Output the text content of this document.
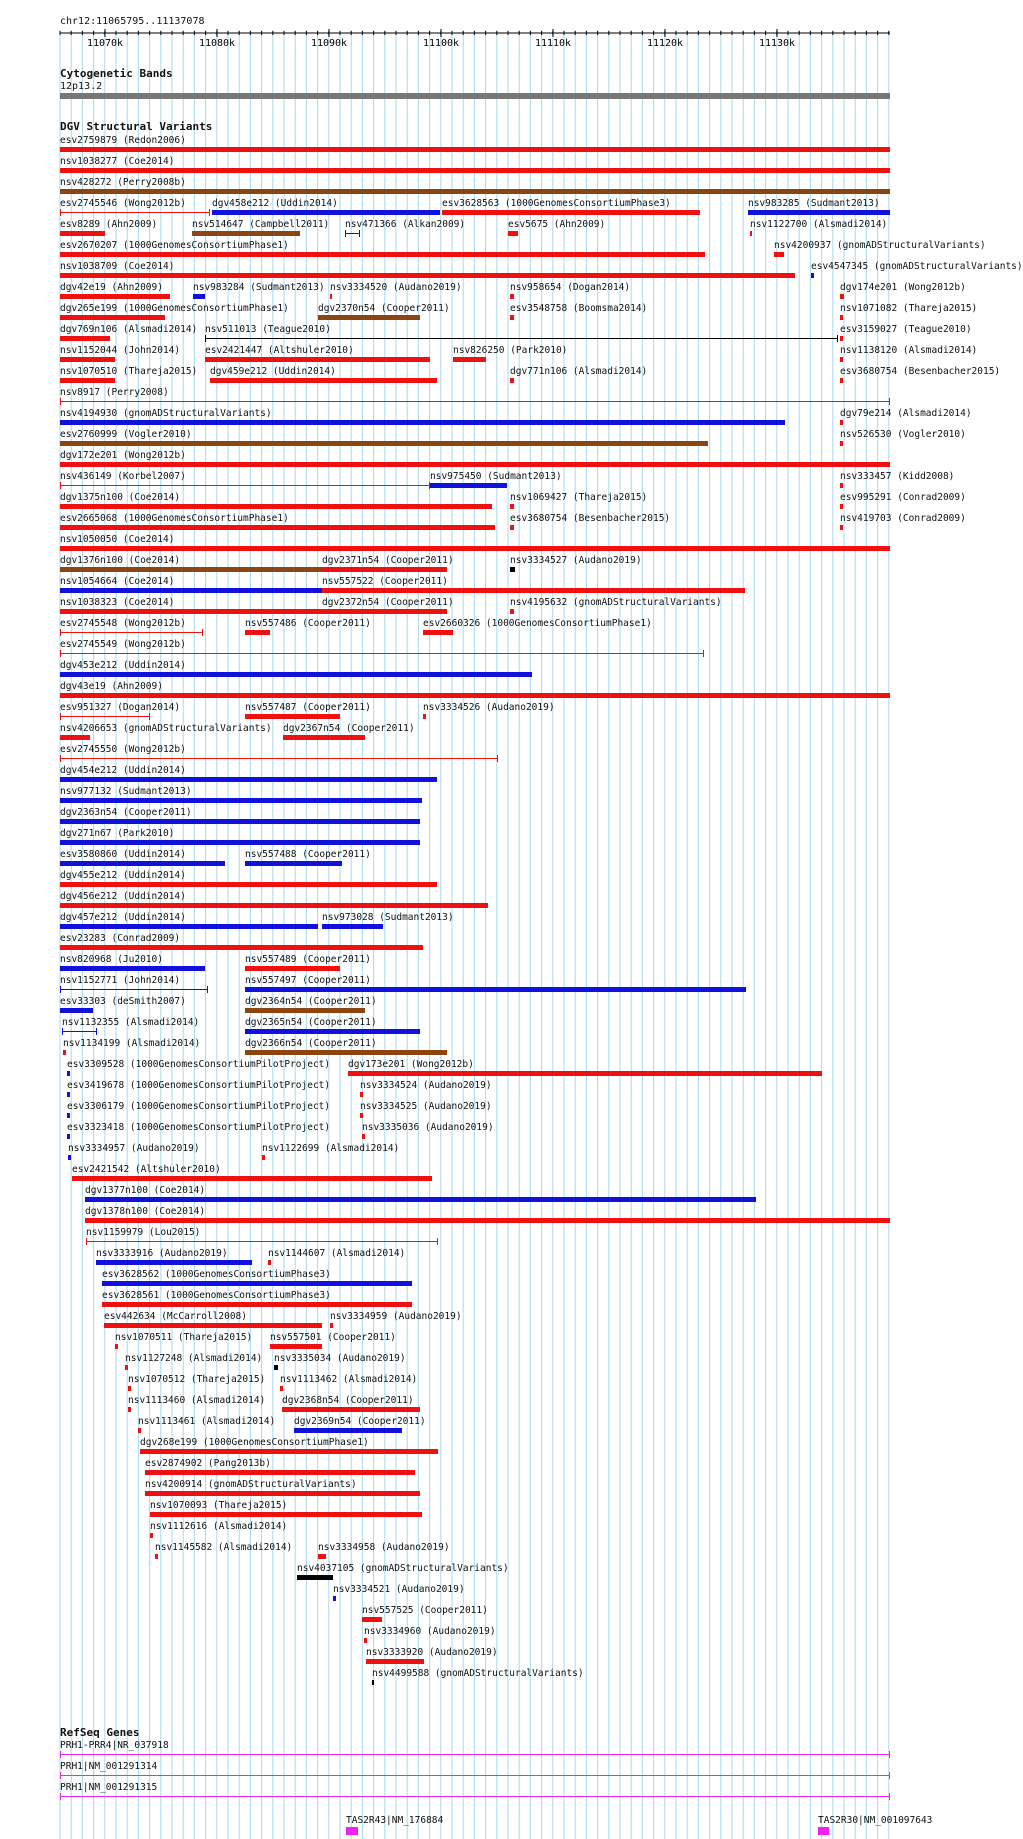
chr12:11065795..11137078
11070k	11080k	11090k	11100k	11110k	11120k	11130k
Cytogenetic Bands
12p13.2
DGV Structural Variants
esv2759879 (Redon2006)
nsv1038277 (Coe2014)
nsv428272 (Perry2008b)
esv2745546 (Wong2012b)	dgv458e212 (Uddin2014)	esv3628563 (1000GenomesConsortiumPhase3)	nsv983285 (Sudmant2013)
esv8289 (Ahn2009)	nsv514647 (Campbell2011) nsv471366 (Alkan2009)	esv5675 (Ahn2009)	nsv1122700 (Alsmadi2014)
esv2670207 (1000GenomesConsortiumPhase1)	nsv4200937 (gnomADStructuralVariants)
nsv1038709 (Coe2014)	esv4547345 (gnomADStructuralVariants)
dgv42e19 (Ahn2009)	nsv983284 (Sudmant2013) nsv3334520 (Audano2019)	nsv958654 (Dogan2014)	dgv174e201 (Wong2012b)
dgv265e199 (1000GenomesConsortiumPhase1)	dgv2370n54 (Cooper2011)	esv3548758 (Boomsma2014)	nsv1071082 (Thareja2015)
dgv769n106 (Alsmadi2014) nsv511013 (Teague2010)	esv3159027 (Teague2010)
nsv1152044 (John2014)	esv2421447 (Altshuler2010)	nsv826250 (Park2010)	nsv1138120 (Alsmadi2014)
nsv1070510 (Thareja2015) dgv459e212 (Uddin2014)	dgv771n106 (Alsmadi2014)	esv3680754 (Besenbacher2015)
nsv8917 (Perry2008)
nsv4194930 (gnomADStructuralVariants)	dgv79e214 (Alsmadi2014)
esv2760999 (Vogler2010)	nsv526530 (Vogler2010)
dgv172e201 (Wong2012b)
nsv436149 (Korbel2007)	nsv975450 (Sudmant2013)	nsv333457 (Kidd2008)
dgv1375n100 (Coe2014)	nsv1069427 (Thareja2015)	esv995291 (Conrad2009)
esv2665068 (1000GenomesConsortiumPhase1)	esv3680754 (Besenbacher2015)	nsv419703 (Conrad2009)
nsv1050050 (Coe2014)
dgv1376n100 (Coe2014)	dgv2371n54 (Cooper2011)	nsv3334527 (Audano2019)
nsv1054664 (Coe2014)	nsv557522 (Cooper2011)
nsv1038323 (Coe2014)	dgv2372n54 (Cooper2011)	nsv4195632 (gnomADStructuralVariants)
esv2745548 (Wong2012b)	nsv557486 (Cooper2011)	esv2660326 (1000GenomesConsortiumPhase1)
esv2745549 (Wong2012b)
dgv453e212 (Uddin2014)
dgv43e19 (Ahn2009)
esv951327 (Dogan2014)	nsv557487 (Cooper2011)	nsv3334526 (Audano2019)
nsv4206653 (gnomADStructuralVariants) dgv2367n54 (Cooper2011)
esv2745550 (Wong2012b)
dgv454e212 (Uddin2014)
nsv977132 (Sudmant2013)
dgv2363n54 (Cooper2011)
dgv271n67 (Park2010)
esv3580860 (Uddin2014)	nsv557488 (Cooper2011)
dgv455e212 (Uddin2014)
dgv456e212 (Uddin2014)
dgv457e212 (Uddin2014)	nsv973028 (Sudmant2013)
esv23283 (Conrad2009)
nsv820968 (Ju2010)	nsv557489 (Cooper2011)
nsv1152771 (John2014)	nsv557497 (Cooper2011)
esv33303 (deSmith2007)	dgv2364n54 (Cooper2011)
nsv1132355 (Alsmadi2014)	dgv2365n54 (Cooper2011)
nsv1134199 (Alsmadi2014)	dgv2366n54 (Cooper2011)
esv3309528 (1000GenomesConsortiumPilotProject) dgv173e201 (Wong2012b)
esv3419678 (1000GenomesConsortiumPilotProject)	nsv3334524 (Audano2019)
esv3306179 (1000GenomesConsortiumPilotProject)	nsv3334525 (Audano2019)
esv3323418 (1000GenomesConsortiumPilotProject)	nsv3335036 (Audano2019)
nsv3334957 (Audano2019)	nsv1122699 (Alsmadi2014)
esv2421542 (Altshuler2010)
dgv1377n100 (Coe2014)
dgv1378n100 (Coe2014)
nsv1159979 (Lou2015)
nsv3333916 (Audano2019)	nsv1144607 (Alsmadi2014)
esv3628562 (1000GenomesConsortiumPhase3)
esv3628561 (1000GenomesConsortiumPhase3)
esv442634 (McCarroll2008)	nsv3334959 (Audano2019)
nsv1070511 (Thareja2015) nsv557501 (Cooper2011)
nsv1127248 (Alsmadi2014) nsv3335034 (Audano2019)
nsv1070512 (Thareja2015) nsv1113462 (Alsmadi2014)
nsv1113460 (Alsmadi2014) dgv2368n54 (Cooper2011)
nsv1113461 (Alsmadi2014) dgv2369n54 (Cooper2011)
dgv268e199 (1000GenomesConsortiumPhase1)
esv2874902 (Pang2013b)
nsv4200914 (gnomADStructuralVariants)
nsv1070093 (Thareja2015)
nsv1112616 (Alsmadi2014)
nsv1145582 (Alsmadi2014)	nsv3334958 (Audano2019)
nsv4037105 (gnomADStructuralVariants)
nsv3334521 (Audano2019)
nsv557525 (Cooper2011)
nsv3334960 (Audano2019)
nsv3333920 (Audano2019)
nsv4499588 (gnomADStructuralVariants)
RefSeq Genes
PRH1-PRR4|NR_037918
PRH1|NM_001291314
PRH1|NM_001291315
TAS2R43|NM_176884	TAS2R30|NM_001097643
